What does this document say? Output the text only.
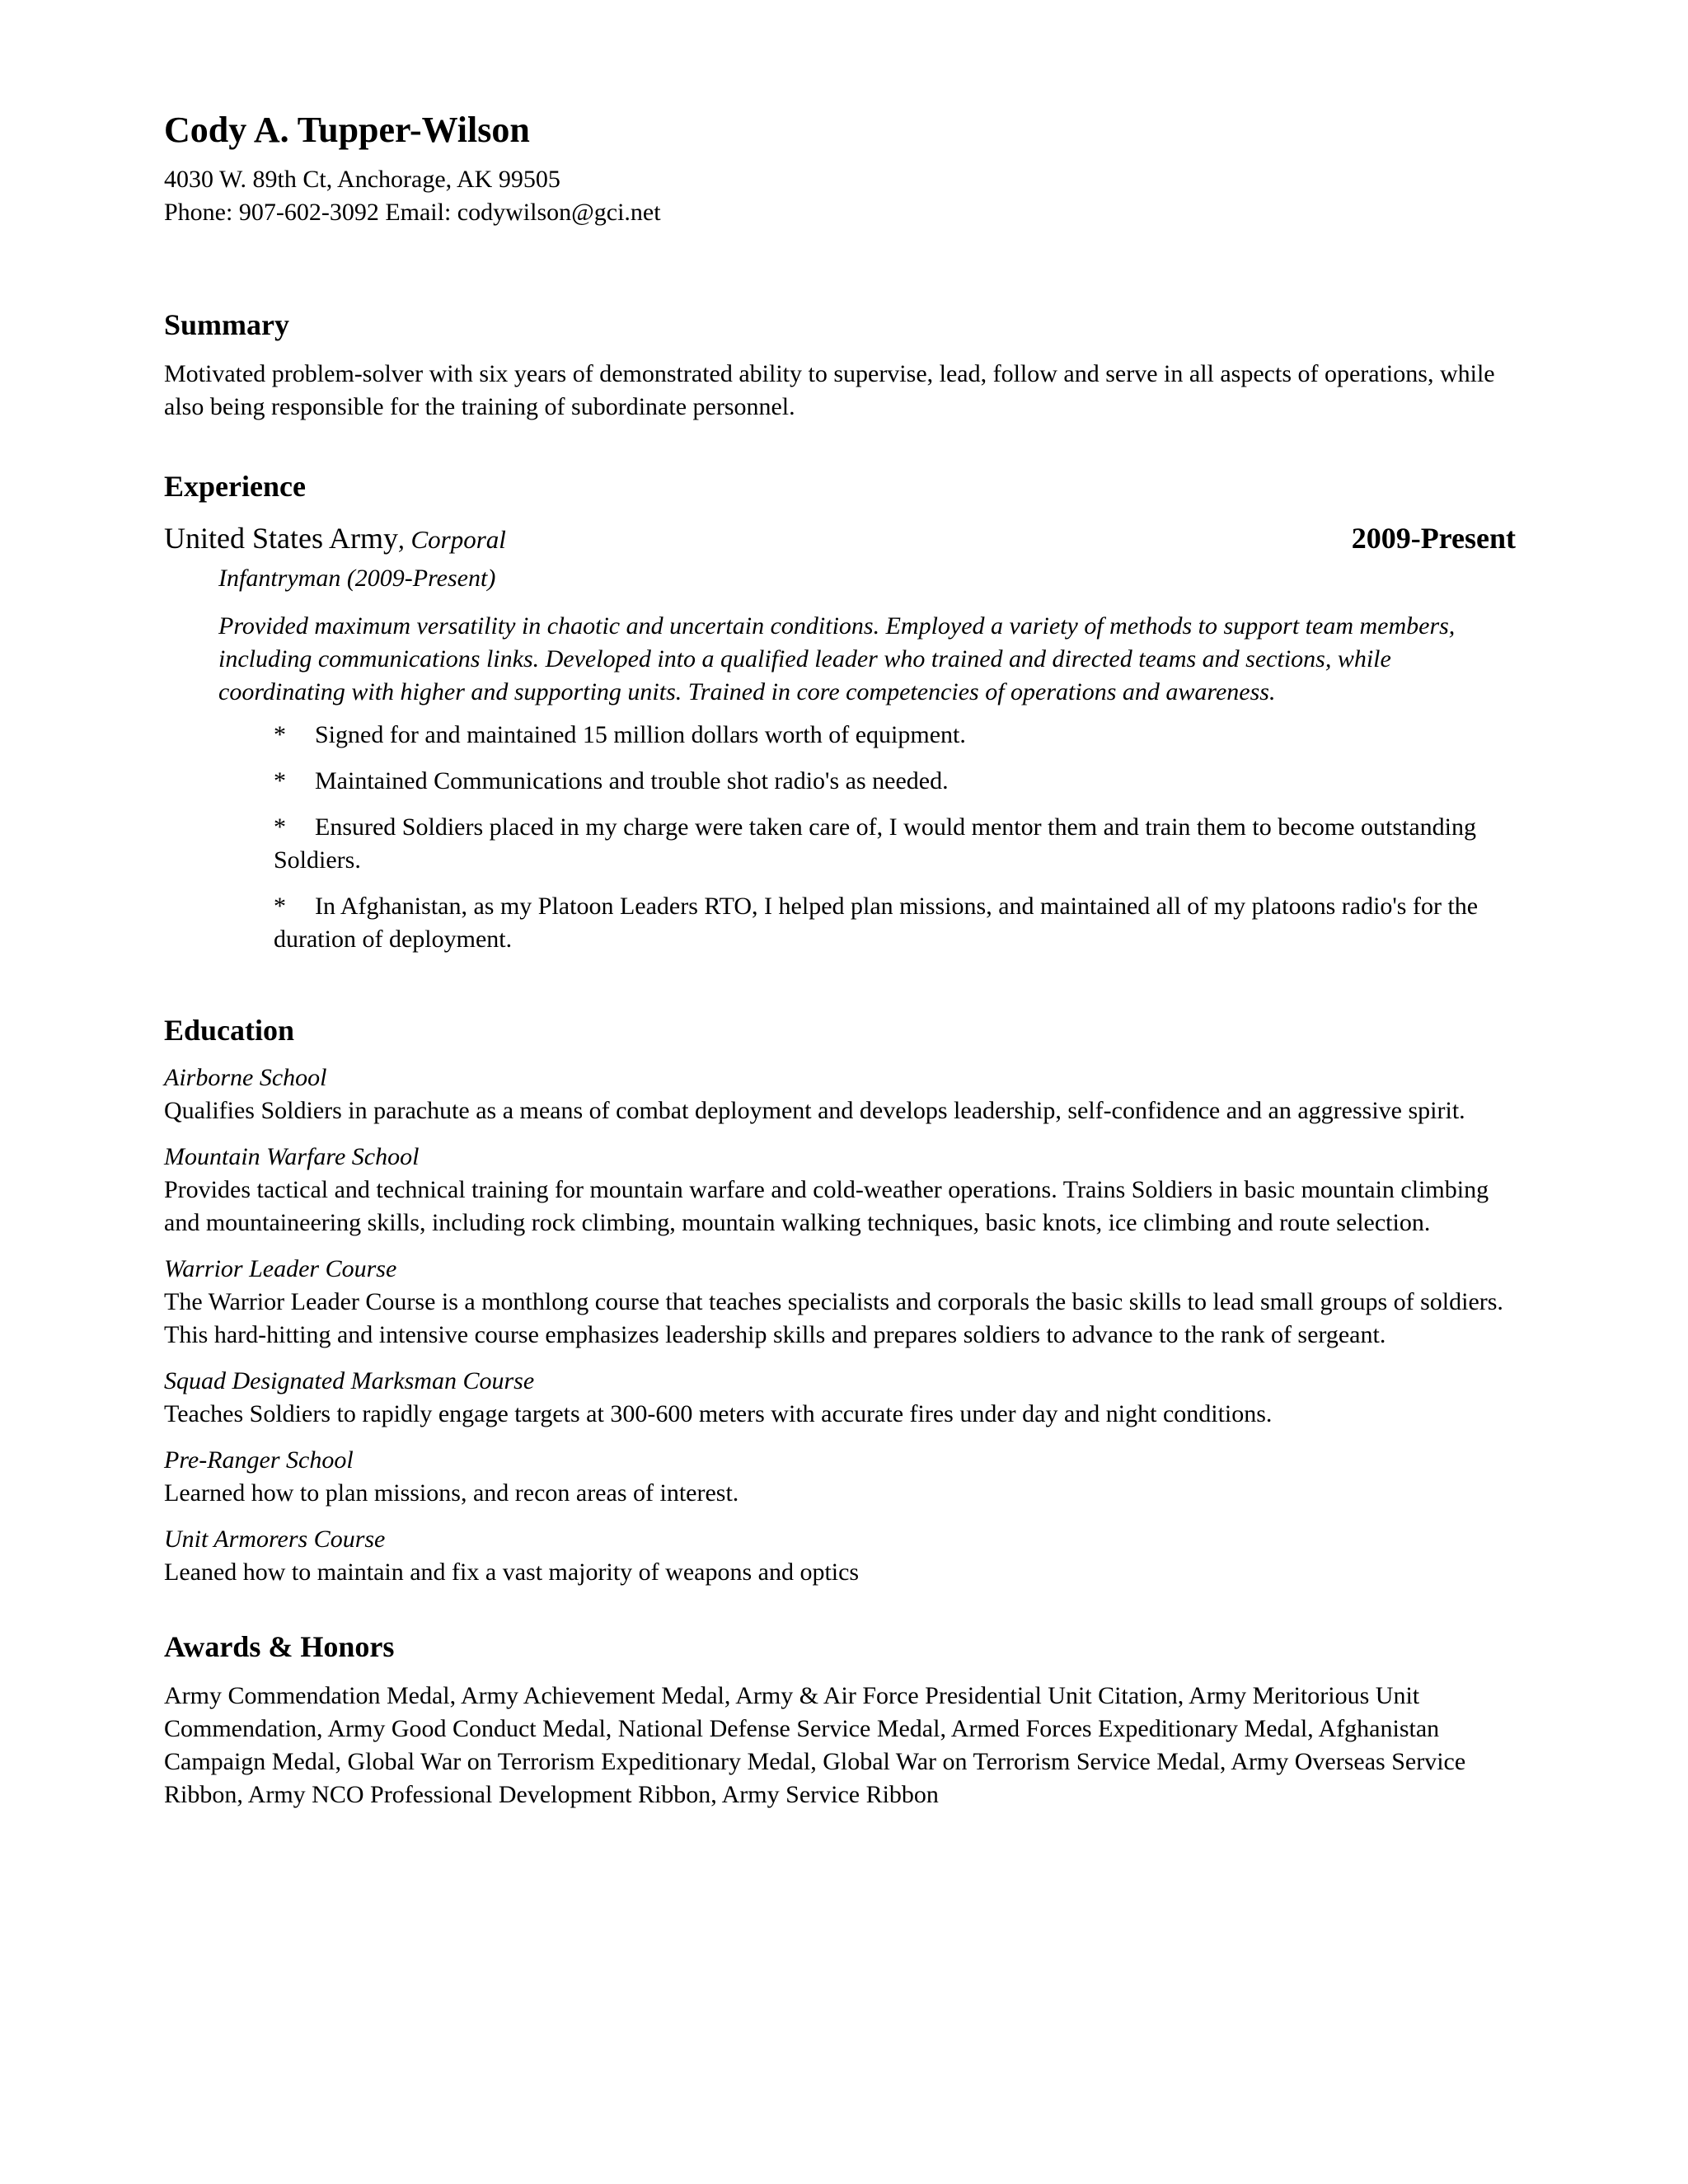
Cody A. Tupper-Wilson
4030 W. 89th Ct, Anchorage, AK 99505
Phone: 907-602-3092 Email: codywilson@gci.net
Summary
Motivated problem-solver with six years of demonstrated ability to supervise, lead, follow and serve in all aspects of operations, while also being responsible for the training of subordinate personnel.
Experience
United States Army, Corporal	2009-Present
Infantryman (2009-Present)
Provided maximum versatility in chaotic and uncertain conditions. Employed a variety of methods to support team members, including communications links. Developed into a qualified leader who trained and directed teams and sections, while coordinating with higher and supporting units. Trained in core competencies of operations and awareness.
* Signed for and maintained 15 million dollars worth of equipment.
* Maintained Communications and trouble shot radio's as needed.
* Ensured Soldiers placed in my charge were taken care of, I would mentor them and train them to become outstanding Soldiers.
* In Afghanistan, as my Platoon Leaders RTO, I helped plan missions, and maintained all of my platoons radio's for the duration of deployment.
Education
Airborne School
Qualifies Soldiers in parachute as a means of combat deployment and develops leadership, self-confidence and an aggressive spirit.
Mountain Warfare School
Provides tactical and technical training for mountain warfare and cold-weather operations. Trains Soldiers in basic mountain climbing and mountaineering skills, including rock climbing, mountain walking techniques, basic knots, ice climbing and route selection.
Warrior Leader Course
The Warrior Leader Course is a monthlong course that teaches specialists and corporals the basic skills to lead small groups of soldiers. This hard-hitting and intensive course emphasizes leadership skills and prepares soldiers to advance to the rank of sergeant.
Squad Designated Marksman Course
Teaches Soldiers to rapidly engage targets at 300-600 meters with accurate fires under day and night conditions.
Pre-Ranger School
Learned how to plan missions, and recon areas of interest.
Unit Armorers Course
Leaned how to maintain and fix a vast majority of weapons and optics
Awards & Honors
Army Commendation Medal, Army Achievement Medal, Army & Air Force Presidential Unit Citation, Army Meritorious Unit Commendation, Army Good Conduct Medal, National Defense Service Medal, Armed Forces Expeditionary Medal, Afghanistan Campaign Medal, Global War on Terrorism Expeditionary Medal, Global War on Terrorism Service Medal, Army Overseas Service Ribbon, Army NCO Professional Development Ribbon, Army Service Ribbon
